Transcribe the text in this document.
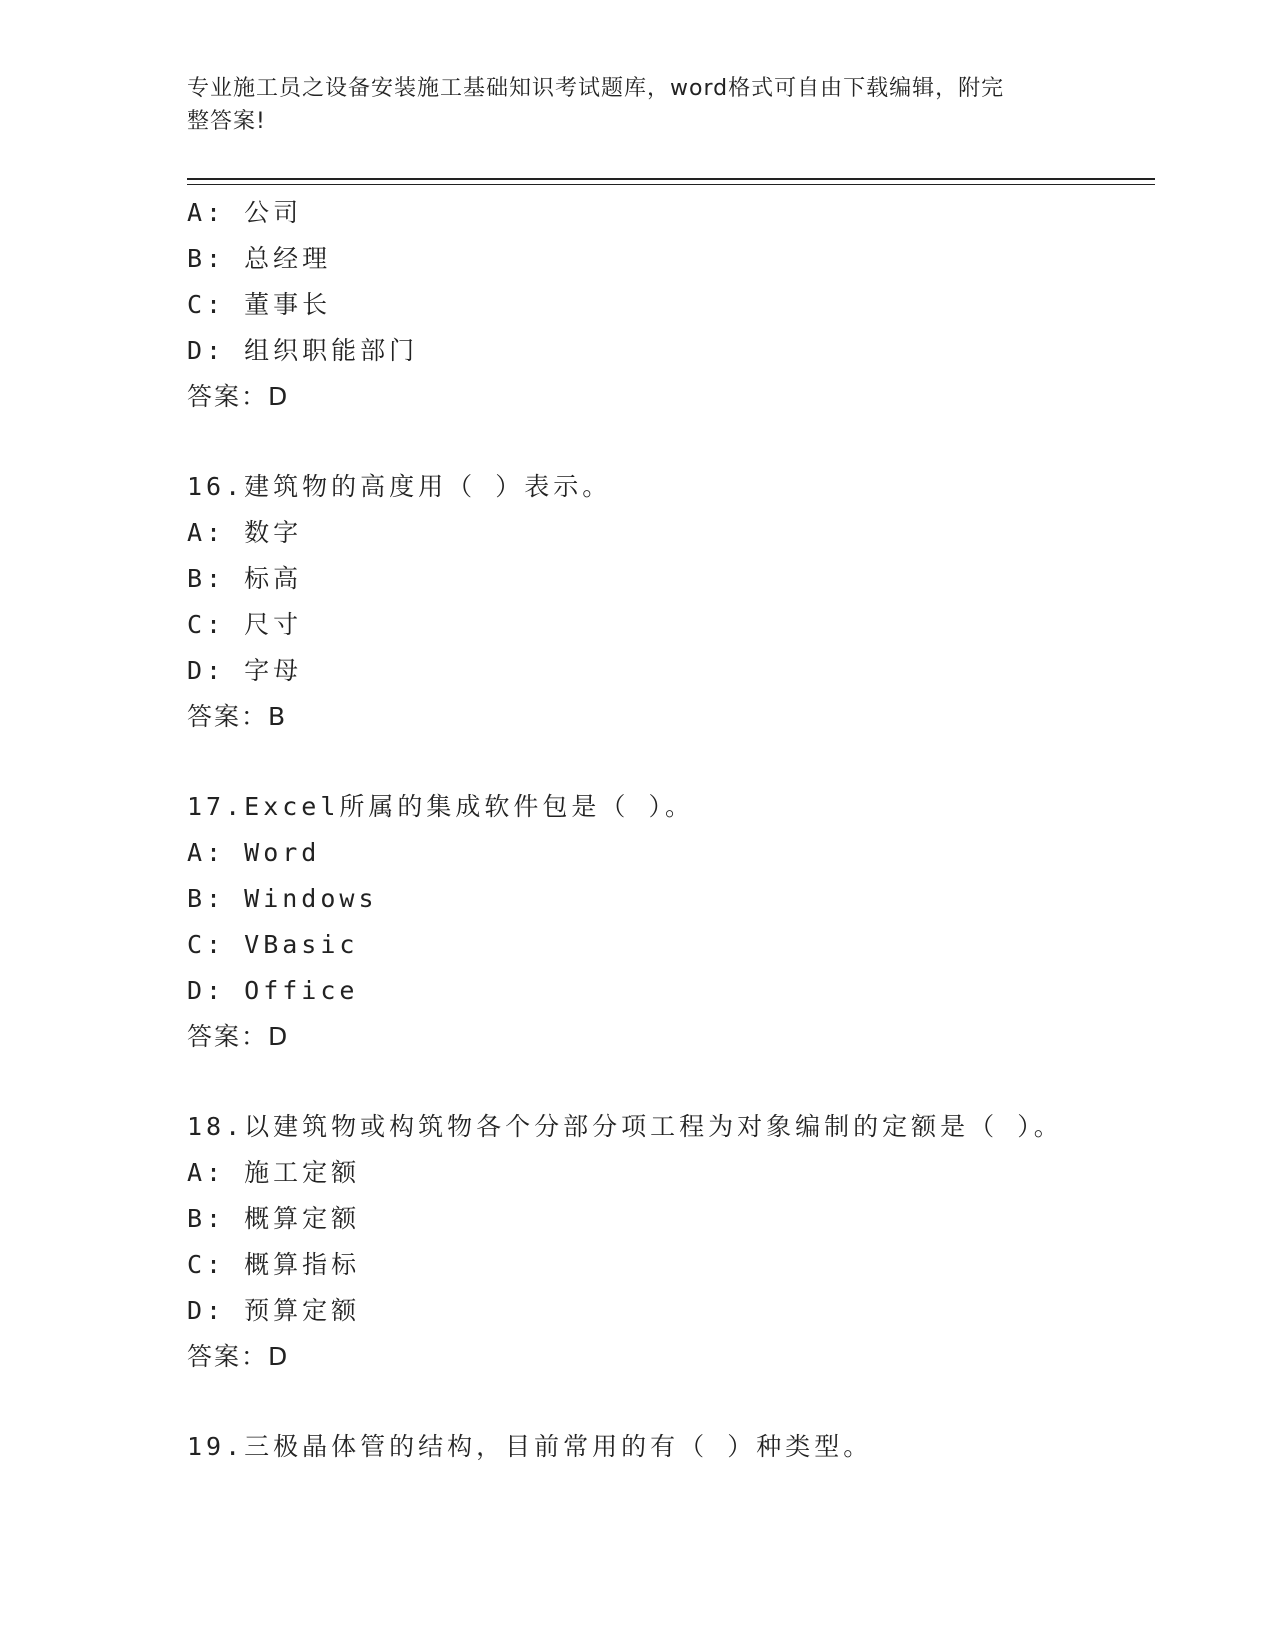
专业施工员之设备安装施工基础知识考试题库，word格式可自由下载编辑，附完
整答案!
A: 公司
B: 总经理
C: 董事长
D: 组织职能部门
答案：D
16.建筑物的高度用（ ）表示。
A: 数字
B: 标高
C: 尺寸
D: 字母
答案：B
17.Excel所属的集成软件包是（ ）。
A: Word
B: Windows
C: VBasic
D: Office
答案：D
18.以建筑物或构筑物各个分部分项工程为对象编制的定额是（ ）。
A: 施工定额
B: 概算定额
C: 概算指标
D: 预算定额
答案：D
19.三极晶体管的结构，目前常用的有（ ）种类型。
